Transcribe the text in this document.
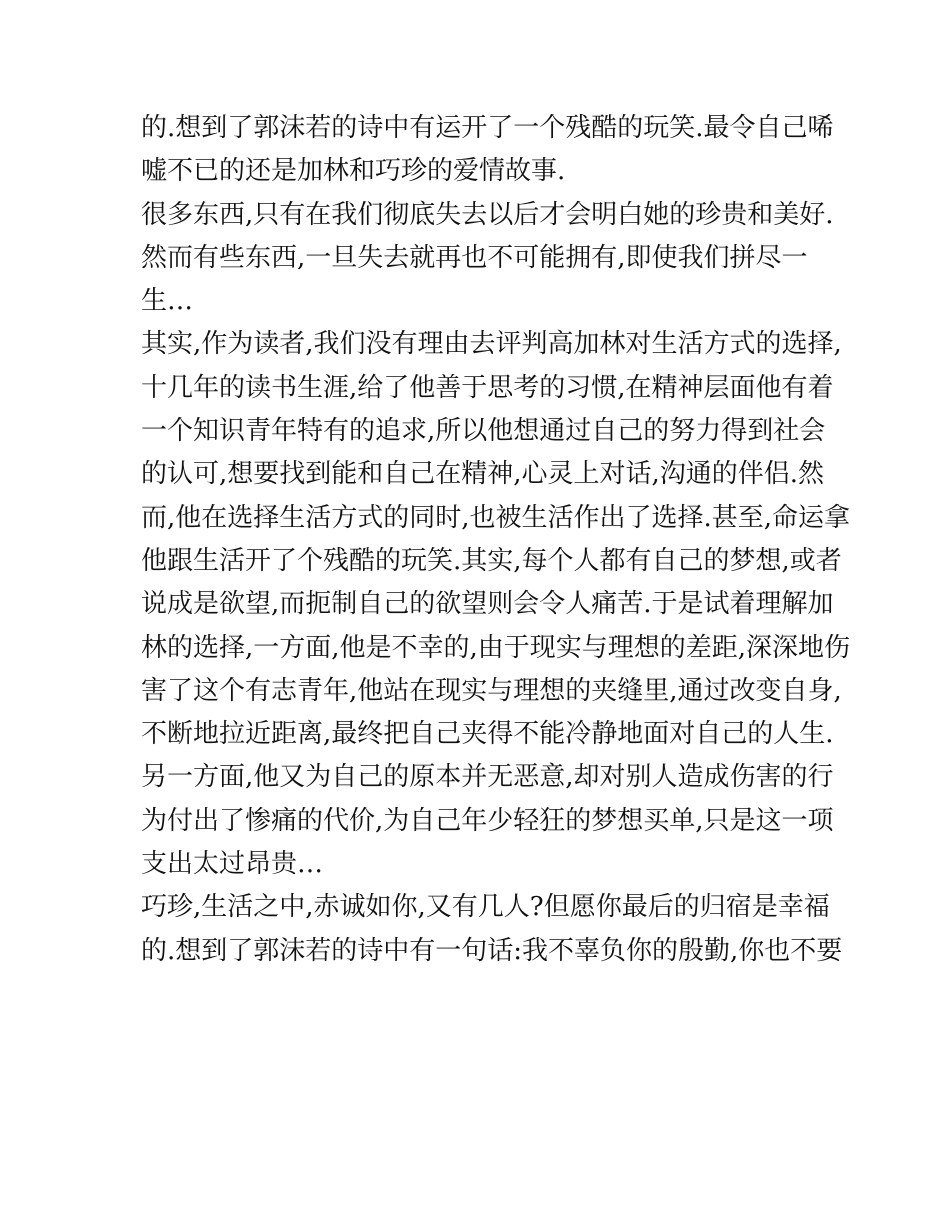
的.想到了郭沫若的诗中有运开了一个残酷的玩笑.最令自己唏
嘘不已的还是加林和巧珍的爱情故事.
很多东西,只有在我们彻底失去以后才会明白她的珍贵和美好.
然而有些东西,一旦失去就再也不可能拥有,即使我们拼尽一
生…
其实,作为读者,我们没有理由去评判高加林对生活方式的选择,
十几年的读书生涯,给了他善于思考的习惯,在精神层面他有着
一个知识青年特有的追求,所以他想通过自己的努力得到社会
的认可,想要找到能和自己在精神,心灵上对话,沟通的伴侣.然
而,他在选择生活方式的同时,也被生活作出了选择.甚至,命运拿
他跟生活开了个残酷的玩笑.其实,每个人都有自己的梦想,或者
说成是欲望,而扼制自己的欲望则会令人痛苦.于是试着理解加
林的选择,一方面,他是不幸的,由于现实与理想的差距,深深地伤
害了这个有志青年,他站在现实与理想的夹缝里,通过改变自身,
不断地拉近距离,最终把自己夹得不能冷静地面对自己的人生.
另一方面,他又为自己的原本并无恶意,却对别人造成伤害的行
为付出了惨痛的代价,为自己年少轻狂的梦想买单,只是这一项
支出太过昂贵…
巧珍,生活之中,赤诚如你,又有几人?但愿你最后的归宿是幸福
的.想到了郭沫若的诗中有一句话:我不辜负你的殷勤,你也不要
